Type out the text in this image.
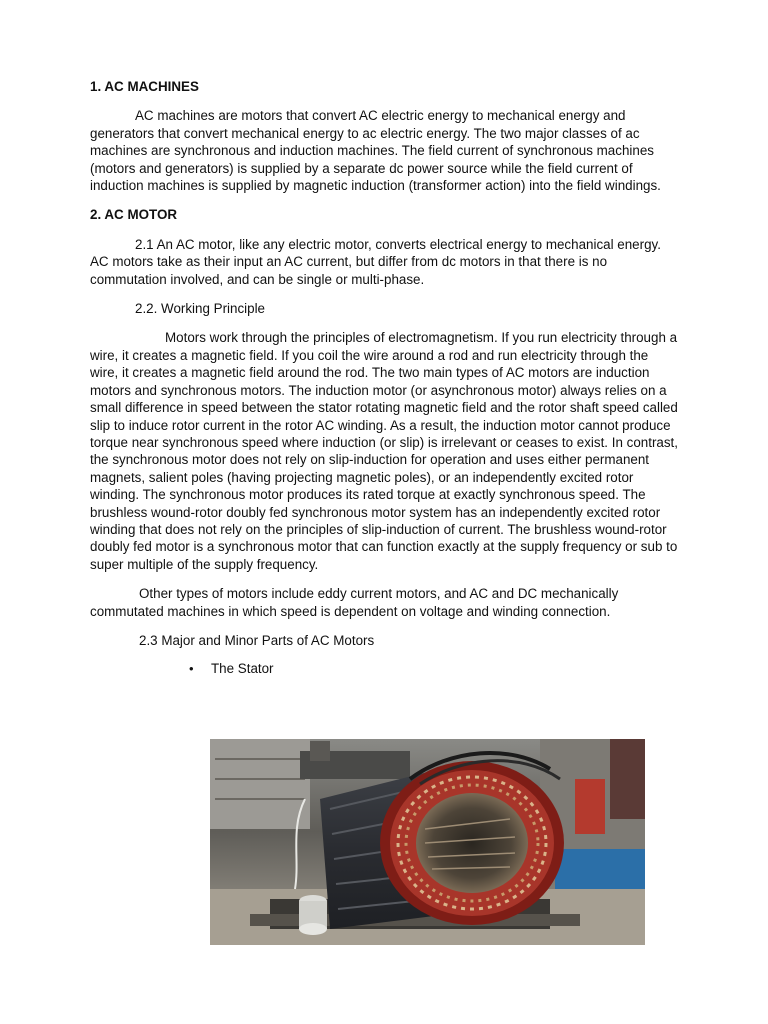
1. AC MACHINES

AC machines are motors that convert AC electric energy to mechanical energy and generators that convert mechanical energy to ac electric energy. The two major classes of ac machines are synchronous and induction machines. The field current of synchronous machines (motors and generators) is supplied by a separate dc power source while the field current of induction machines is supplied by magnetic induction (transformer action) into the field windings.

2. AC MOTOR

2.1 An AC motor, like any electric motor, converts electrical energy to mechanical energy. AC motors take as their input an AC current, but differ from dc motors in that there is no commutation involved, and can be single or multi-phase.

2.2. Working Principle

Motors work through the principles of electromagnetism. If you run electricity through a wire, it creates a magnetic field. If you coil the wire around a rod and run electricity through the wire, it creates a magnetic field around the rod. The two main types of AC motors are induction motors and synchronous motors. The induction motor (or asynchronous motor) always relies on a small difference in speed between the stator rotating magnetic field and the rotor shaft speed called slip to induce rotor current in the rotor AC winding. As a result, the induction motor cannot produce torque near synchronous speed where induction (or slip) is irrelevant or ceases to exist. In contrast, the synchronous motor does not rely on slip-induction for operation and uses either permanent magnets, salient poles (having projecting magnetic poles), or an independently excited rotor winding. The synchronous motor produces its rated torque at exactly synchronous speed. The brushless wound-rotor doubly fed synchronous motor system has an independently excited rotor winding that does not rely on the principles of slip-induction of current. The brushless wound-rotor doubly fed motor is a synchronous motor that can function exactly at the supply frequency or sub to super multiple of the supply frequency.

Other types of motors include eddy current motors, and AC and DC mechanically commutated machines in which speed is dependent on voltage and winding connection.

2.3 Major and Minor Parts of AC Motors
•	The Stator
